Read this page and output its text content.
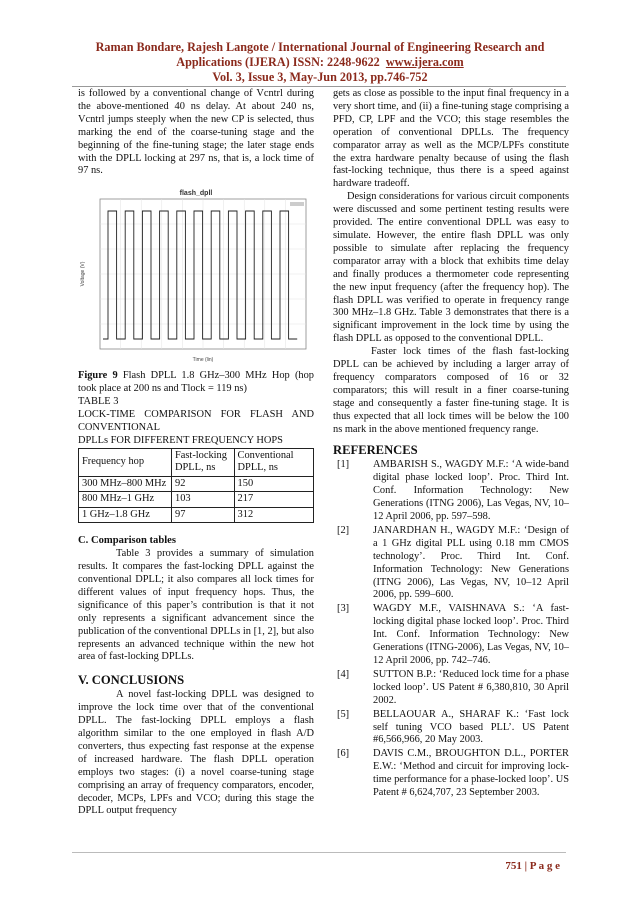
Raman Bondare, Rajesh Langote / International Journal of Engineering Research and
Applications (IJERA) ISSN: 2248-9622 www.ijera.com
Vol. 3, Issue 3, May-Jun 2013, pp.746-752

is followed by a conventional change of Vcntrl during the above-mentioned 40 ns delay. At about 240 ns, Vcntrl jumps steeply when the new CP is selected, thus marking the end of the coarse-tuning stage and the beginning of the fine-tuning stage; the later stage ends with the DPLL locking at 297 ns, that is, a lock time of 97 ns.

flash_dpll
Time (lin)
Voltage (V)

Figure 9 Flash DPLL 1.8 GHz–300 MHz Hop (hop took place at 200 ns and Tlock = 119 ns)

TABLE 3

LOCK-TIME COMPARISON FOR FLASH AND CONVENTIONAL

DPLLs FOR DIFFERENT FREQUENCY HOPS

Frequency hop	Fast-locking DPLL, ns	Conventional DPLL, ns
300 MHz–800 MHz	92	150
800 MHz–1 GHz	103	217
1 GHz–1.8 GHz	97	312
C. Comparison tables

Table 3 provides a summary of simulation results. It compares the fast-locking DPLL against the conventional DPLL; it also compares all lock times for different values of input frequency hops. Thus, the significance of this paper’s contribution is that it not only represents a significant advancement since the publication of the conventional DPLLs in [1, 2], but also represents an advanced technique within the new hot area of fast-locking DPLLs.

V. CONCLUSIONS

A novel fast-locking DPLL was designed to improve the lock time over that of the conventional DPLL. The fast-locking DPLL employs a flash algorithm similar to the one employed in flash A/D converters, thus expecting fast response at the expense of increased hardware. The flash DPLL operation employs two stages: (i) a novel coarse-tuning stage comprising an array of frequency comparators, encoder, decoder, MCPs, LPFs and VCO; during this stage the DPLL output frequency

gets as close as possible to the input final frequency in a very short time, and (ii) a fine-tuning stage comprising a PFD, CP, LPF and the VCO; this stage resembles the operation of conventional DPLLs. The frequency comparator array as well as the MCP/LPFs constitute the extra hardware penalty because of using the flash fast-locking technique, thus there is a speed against hardware tradeoff.

Design considerations for various circuit components were discussed and some pertinent testing results were provided. The entire conventional DPLL was easy to simulate. However, the entire flash DPLL was only possible to simulate after replacing the frequency comparator array with a block that exhibits time delay and finally produces a thermometer code representing the new input frequency (after the frequency hop). The flash DPLL was verified to operate in frequency range 300 MHz–1.8 GHz. Table 3 demonstrates that there is a significant improvement in the lock time by using the flash DPLL as opposed to the conventional DPLL.

Faster lock times of the flash fast-locking DPLL can be achieved by including a larger array of frequency comparators composed of 16 or 32 comparators; this will result in a finer coarse-tuning stage and consequently a faster fine-tuning stage. It is thus expected that all lock times will be below the 100 ns mark in the above mentioned frequency range.

REFERENCES
[1] AMBARISH S., WAGDY M.F.: ‘A wide-band digital phase locked loop’. Proc. Third Int. Conf. Information Technology: New Generations (ITNG 2006), Las Vegas, NV, 10–12 April 2006, pp. 597–598.
[2] JANARDHAN H., WAGDY M.F.: ‘Design of a 1 GHz digital PLL using 0.18 mm CMOS technology’. Proc. Third Int. Conf. Information Technology: New Generations (ITNG 2006), Las Vegas, NV, 10–12 April 2006, pp. 599–600.
[3] WAGDY M.F., VAISHNAVA S.: ‘A fast-locking digital phase locked loop’. Proc. Third Int. Conf. Information Technology: New Generations (ITNG-2006), Las Vegas, NV, 10–12 April 2006, pp. 742–746.
[4] SUTTON B.P.: ‘Reduced lock time for a phase locked loop’. US Patent # 6,380,810, 30 April 2002.
[5] BELLAOUAR A., SHARAF K.: ‘Fast lock self tuning VCO based PLL’. US Patent #6,566,966, 20 May 2003.
[6] DAVIS C.M., BROUGHTON D.L., PORTER E.W.: ‘Method and circuit for improving lock-time performance for a phase-locked loop’. US Patent # 6,624,707, 23 September 2003.
751 | P a g e
